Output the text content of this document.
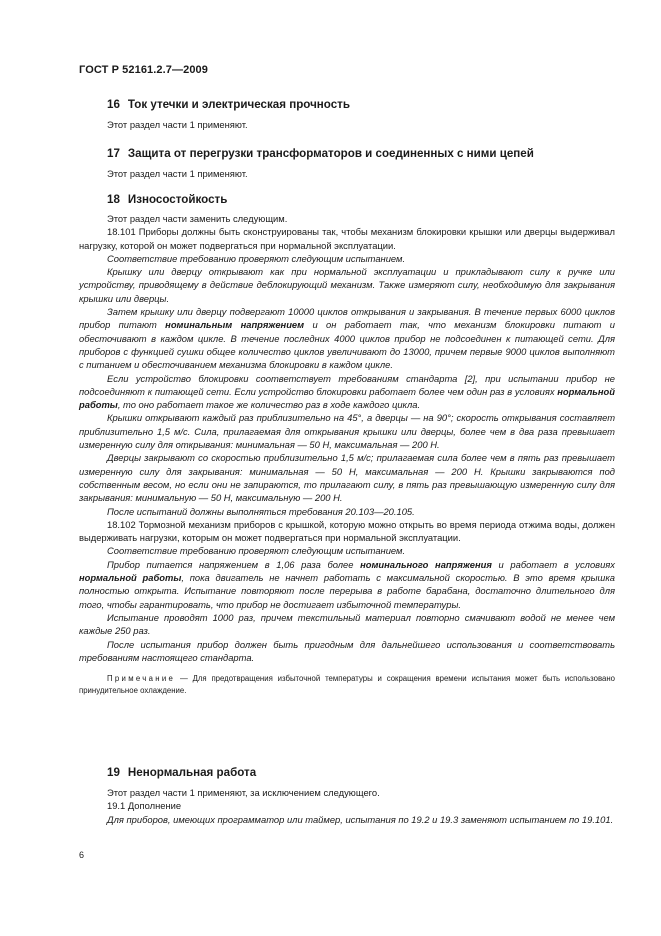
ГОСТ Р 52161.2.7—2009
16 Ток утечки и электрическая прочность

Этот раздел части 1 применяют.

17 Защита от перегрузки трансформаторов и соединенных с ними цепей

Этот раздел части 1 применяют.

18 Износостойкость

Этот раздел части заменить следующим.

18.101 Приборы должны быть сконструированы так, чтобы механизм блокировки крышки или дверцы выдерживал нагрузку, которой он может подвергаться при нормальной эксплуатации.

Соответствие требованию проверяют следующим испытанием.

Крышку или дверцу открывают как при нормальной эксплуатации и прикладывают силу к ручке или устройству, приводящему в действие деблокирующий механизм. Также измеряют силу, необходимую для закрывания крышки или дверцы.

Затем крышку или дверцу подвергают 10000 циклов открывания и закрывания. В течение первых 6000 циклов прибор питают номинальным напряжением и он работает так, что механизм блокировки питают и обесточивают в каждом цикле. В течение последних 4000 циклов прибор не подсоединен к питающей сети. Для приборов с функцией сушки общее количество циклов увеличивают до 13000, причем первые 9000 циклов выполняют с питанием и обесточиванием механизма блокировки в каждом цикле.

Если устройство блокировки соответствует требованиям стандарта [2], при испытании прибор не подсоединяют к питающей сети. Если устройство блокировки работает более чем один раз в условиях нормальной работы, то оно работает такое же количество раз в ходе каждого цикла.

Крышки открывают каждый раз приблизительно на 45°, а дверцы — на 90°; скорость открывания составляет приблизительно 1,5 м/с. Сила, прилагаемая для открывания крышки или дверцы, более чем в два раза превышает измеренную силу для открывания: минимальная — 50 Н, максимальная — 200 Н.

Дверцы закрывают со скоростью приблизительно 1,5 м/с; прилагаемая сила более чем в пять раз превышает измеренную силу для закрывания: минимальная — 50 Н, максимальная — 200 Н. Крышки закрываются под собственным весом, но если они не запираются, то прилагают силу, в пять раз превышающую измеренную силу для закрывания: минимальную — 50 Н, максимальную — 200 Н.

После испытаний должны выполняться требования 20.103—20.105.

18.102 Тормозной механизм приборов с крышкой, которую можно открыть во время периода отжима воды, должен выдерживать нагрузки, которым он может подвергаться при нормальной эксплуатации.

Соответствие требованию проверяют следующим испытанием.

Прибор питается напряжением в 1,06 раза более номинального напряжения и работает в условиях нормальной работы, пока двигатель не начнет работать с максимальной скоростью. В это время крышка полностью открыта. Испытание повторяют после перерыва в работе барабана, достаточно длительного для того, чтобы гарантировать, что прибор не достигает избыточной температуры.

Испытание проводят 1000 раз, причем текстильный материал повторно смачивают водой не менее чем каждые 250 раз.

После испытания прибор должен быть пригодным для дальнейшего использования и соответствовать требованиям настоящего стандарта.

Примечание — Для предотвращения избыточной температуры и сокращения времени испытания может быть использовано принудительное охлаждение.

19 Ненормальная работа

Этот раздел части 1 применяют, за исключением следующего.

19.1 Дополнение

Для приборов, имеющих программатор или таймер, испытания по 19.2 и 19.3 заменяют испытанием по 19.101.

6
